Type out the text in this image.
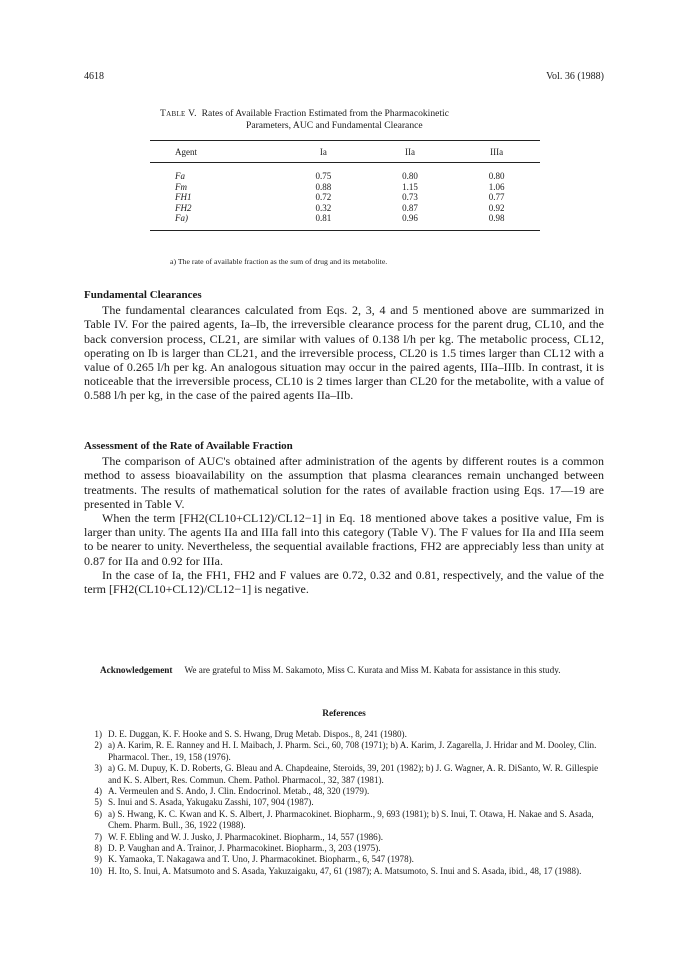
4618	Vol. 36 (1988)
Table V. Rates of Available Fraction Estimated from the Pharmacokinetic
Parameters, AUC and Fundamental Clearance
Agent	Ia	IIa	IIIa
Fa	0.75	0.80	0.80
Fm	0.88	1.15	1.06
FH1	0.72	0.73	0.77
FH2	0.32	0.87	0.92
Fa)	0.81	0.96	0.98
a) The rate of available fraction as the sum of drug and its metabolite.
Fundamental Clearances

The fundamental clearances calculated from Eqs. 2, 3, 4 and 5 mentioned above are summarized in Table IV. For the paired agents, Ia–Ib, the irreversible clearance process for the parent drug, CL10, and the back conversion process, CL21, are similar with values of 0.138 l/h per kg. The metabolic process, CL12, operating on Ib is larger than CL21, and the irreversible process, CL20 is 1.5 times larger than CL12 with a value of 0.265 l/h per kg. An analogous situation may occur in the paired agents, IIIa–IIIb. In contrast, it is noticeable that the irreversible process, CL10 is 2 times larger than CL20 for the metabolite, with a value of 0.588 l/h per kg, in the case of the paired agents IIa–IIb.

Assessment of the Rate of Available Fraction

The comparison of AUC's obtained after administration of the agents by different routes is a common method to assess bioavailability on the assumption that plasma clearances remain unchanged between treatments. The results of mathematical solution for the rates of available fraction using Eqs. 17—19 are presented in Table V.

When the term [FH2(CL10+CL12)/CL12−1] in Eq. 18 mentioned above takes a positive value, Fm is larger than unity. The agents IIa and IIIa fall into this category (Table V). The F values for IIa and IIIa seem to be nearer to unity. Nevertheless, the sequential available fractions, FH2 are appreciably less than unity at 0.87 for IIa and 0.92 for IIIa.

In the case of Ia, the FH1, FH2 and F values are 0.72, 0.32 and 0.81, respectively, and the value of the term [FH2(CL10+CL12)/CL12−1] is negative.

Acknowledgement We are grateful to Miss M. Sakamoto, Miss C. Kurata and Miss M. Kabata for assistance in this study.
References
1) D. E. Duggan, K. F. Hooke and S. S. Hwang, Drug Metab. Dispos., 8, 241 (1980).
2) a) A. Karim, R. E. Ranney and H. I. Maibach, J. Pharm. Sci., 60, 708 (1971); b) A. Karim, J. Zagarella, J. Hridar and M. Dooley, Clin. Pharmacol. Ther., 19, 158 (1976).
3) a) G. M. Dupuy, K. D. Roberts, G. Bleau and A. Chapdeaine, Steroids, 39, 201 (1982); b) J. G. Wagner, A. R. DiSanto, W. R. Gillespie and K. S. Albert, Res. Commun. Chem. Pathol. Pharmacol., 32, 387 (1981).
4) A. Vermeulen and S. Ando, J. Clin. Endocrinol. Metab., 48, 320 (1979).
5) S. Inui and S. Asada, Yakugaku Zasshi, 107, 904 (1987).
6) a) S. Hwang, K. C. Kwan and K. S. Albert, J. Pharmacokinet. Biopharm., 9, 693 (1981); b) S. Inui, T. Otawa, H. Nakae and S. Asada, Chem. Pharm. Bull., 36, 1922 (1988).
7) W. F. Ebling and W. J. Jusko, J. Pharmacokinet. Biopharm., 14, 557 (1986).
8) D. P. Vaughan and A. Trainor, J. Pharmacokinet. Biopharm., 3, 203 (1975).
9) K. Yamaoka, T. Nakagawa and T. Uno, J. Pharmacokinet. Biopharm., 6, 547 (1978).
10) H. Ito, S. Inui, A. Matsumoto and S. Asada, Yakuzaigaku, 47, 61 (1987); A. Matsumoto, S. Inui and S. Asada, ibid., 48, 17 (1988).
